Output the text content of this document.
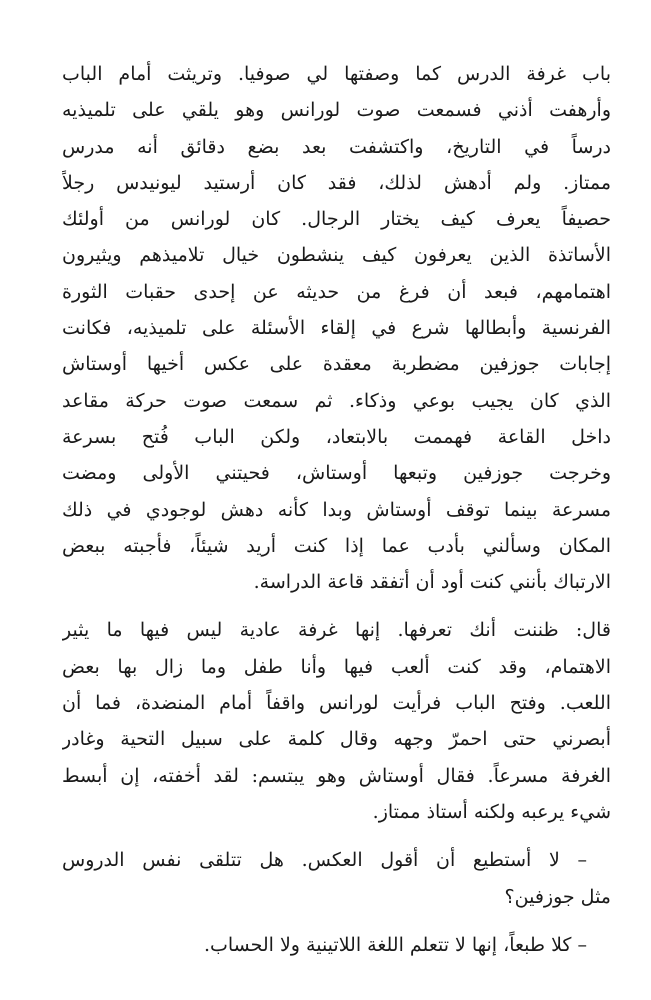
باب غرفة الدرس كما وصفتها لي صوفيا. وتريثت أمام الباب
وأرهفت أذني فسمعت صوت لورانس وهو يلقي على تلميذيه
درساً في التاريخ، واكتشفت بعد بضع دقائق أنه مدرس
ممتاز. ولم أدهش لذلك، فقد كان أرستيد ليونيدس رجلاً
حصيفاً يعرف كيف يختار الرجال. كان لورانس من أولئك
الأساتذة الذين يعرفون كيف ينشطون خيال تلاميذهم ويثيرون
اهتمامهم، فبعد أن فرغ من حديثه عن إحدى حقبات الثورة
الفرنسية وأبطالها شرع في إلقاء الأسئلة على تلميذيه، فكانت
إجابات جوزفين مضطربة معقدة على عكس أخيها أوستاش
الذي كان يجيب بوعي وذكاء. ثم سمعت صوت حركة مقاعد
داخل القاعة فهممت بالابتعاد، ولكن الباب فُتح بسرعة
وخرجت جوزفين وتبعها أوستاش، فحيتني الأولى ومضت
مسرعة بينما توقف أوستاش وبدا كأنه دهش لوجودي في ذلك
المكان وسألني بأدب عما إذا كنت أريد شيئاً، فأجبته ببعض
الارتباك بأنني كنت أود أن أتفقد قاعة الدراسة.

قال: ظننت أنك تعرفها. إنها غرفة عادية ليس فيها ما يثير
الاهتمام، وقد كنت ألعب فيها وأنا طفل وما زال بها بعض
اللعب. وفتح الباب فرأيت لورانس واقفاً أمام المنضدة، فما أن
أبصرني حتى احمرّ وجهه وقال كلمة على سبيل التحية وغادر
الغرفة مسرعاً. فقال أوستاش وهو يبتسم: لقد أخفته، إن أبسط
شيء يرعبه ولكنه أستاذ ممتاز.

– لا أستطيع أن أقول العكس. هل تتلقى نفس الدروس
مثل جوزفين؟

– كلا طبعاً، إنها لا تتعلم اللغة اللاتينية ولا الحساب.
